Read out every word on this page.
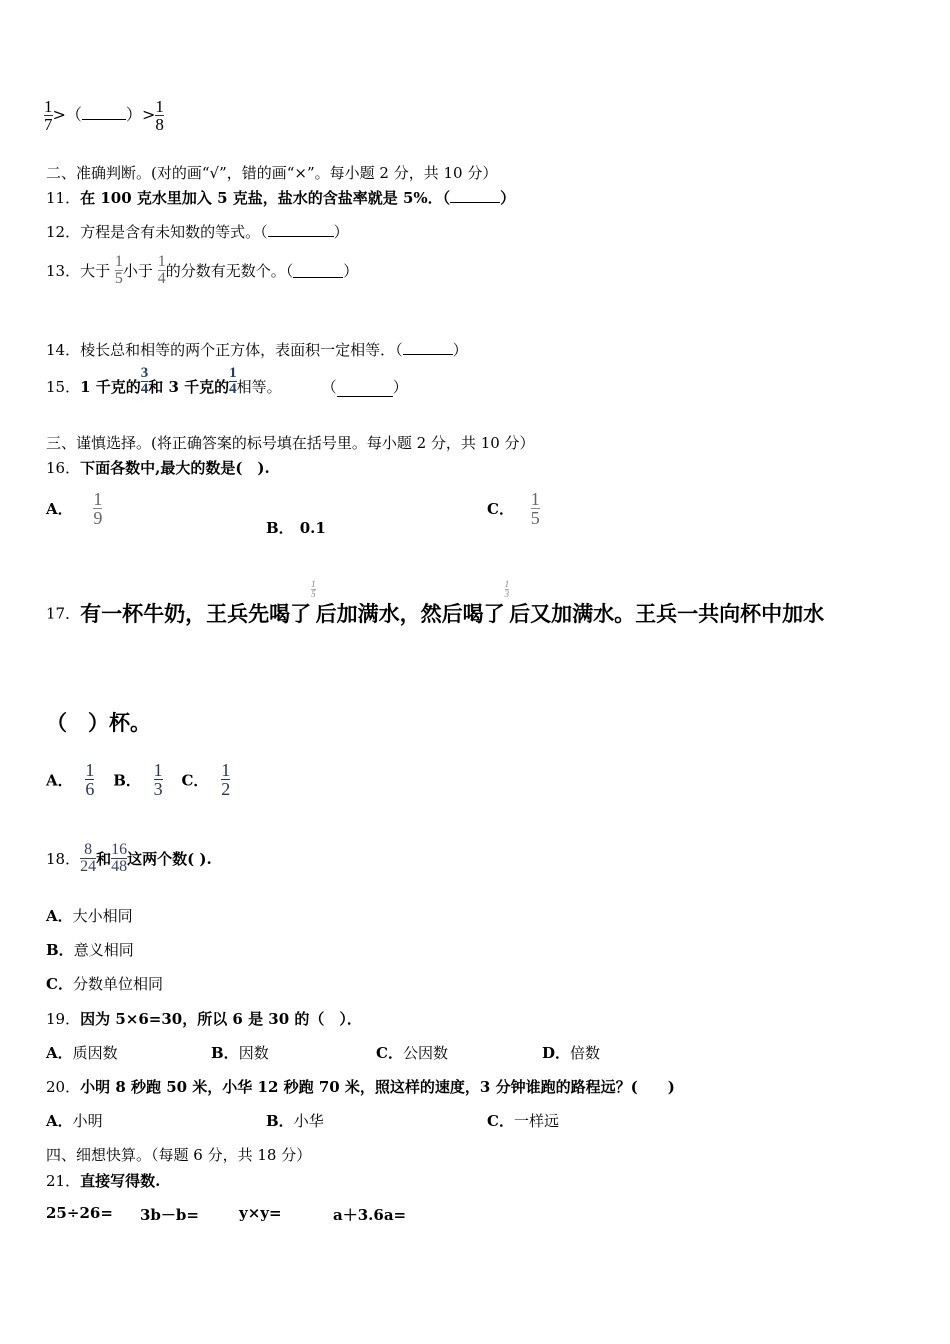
$\frac{1}{7}$ >（	）> $\frac{1}{8}$
二、准确判断。(对的画“√”，错的画“×”。每小题 2 分，共 10 分）
11．在 100 克水里加入 5 克盐，盐水的含盐率就是 5%．（	）
12．方程是含有未知数的等式。（	）
13．大于 $\frac{1}{5}$ 小于 $\frac{1}{4}$ 的分数有无数个。（	）
14．棱长总和相等的两个正方体，表面积一定相等．（	）
15．1 千克的 $\frac{3}{4}$ 和 3 千克的 $\frac{1}{4}$ 相等。	（	）
三、谨慎选择。(将正确答案的标号填在括号里。每小题 2 分，共 10 分）
16．下面各数中,最大的数是(　).
A． $\frac{1}{9}$
B． 0.1
C． $\frac{1}{5}$
17．有一杯牛奶，王兵先喝了
$\frac{1}{5}$
后加满水，然后喝了
$\frac{1}{3}$
后又加满水。王兵一共向杯中加水
（　）杯。
A． $\frac{1}{6}$ B． $\frac{1}{3}$ C． $\frac{1}{2}$
18． $\frac{8}{24}$ 和 $\frac{16}{48}$ 这两个数( ).
A．大小相同
B．意义相同
C．分数单位相同
19．因为 5×6=30，所以 6 是 30 的（　）．
A．质因数	B．因数	C．公因数	D．倍数
20．小明 8 秒跑 50 米，小华 12 秒跑 70 米，照这样的速度，3 分钟谁跑的路程远？(　　)
A．小明	B．小华	C．一样远
四、细想快算。（每题 6 分，共 18 分）
21．直接写得数.
25÷26= 3b－b=	y×y=	a＋3.6a=
